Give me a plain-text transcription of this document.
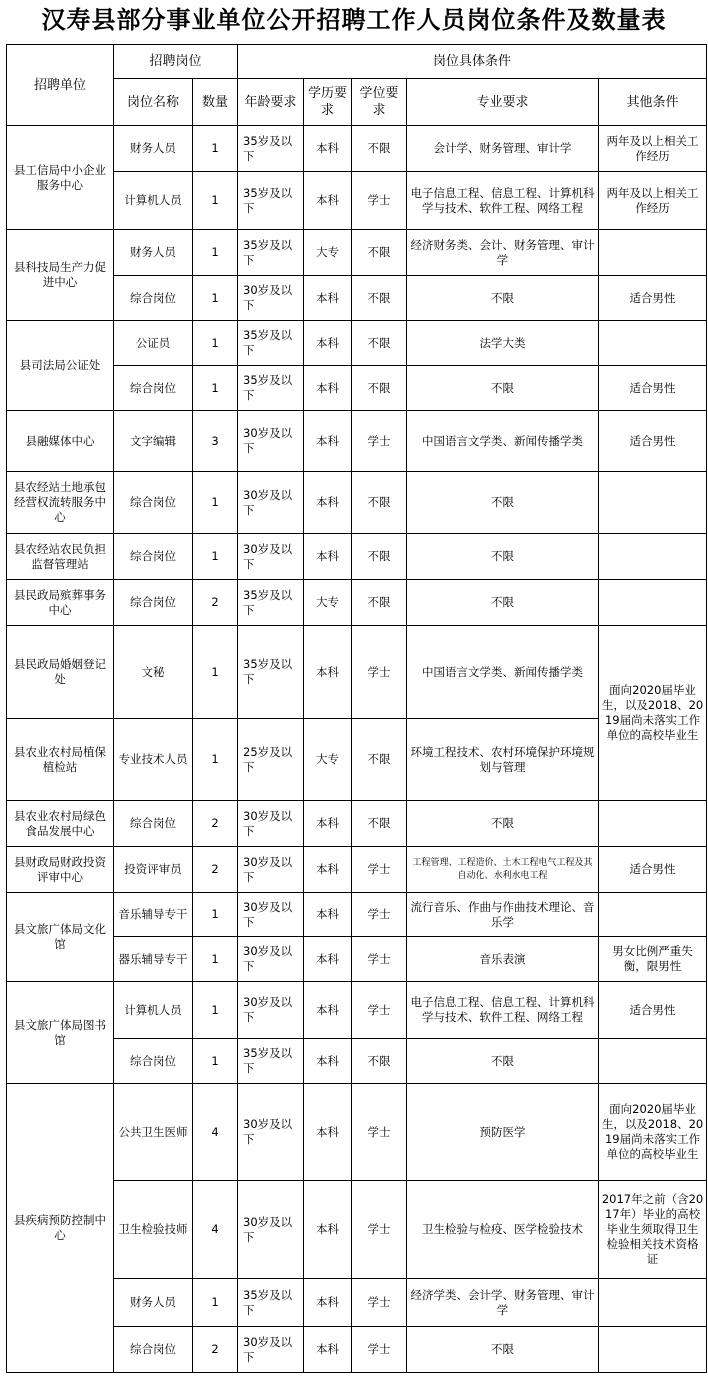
汉寿县部分事业单位公开招聘工作人员岗位条件及数量表
招聘单位	招聘岗位		岗位具体条件				
	岗位名称	数量	年龄要求	学历要求	学位要求	专业要求	其他条件
县工信局中小企业服务中心	财务人员	1	35岁及以下	本科	不限	会计学、财务管理、审计学	两年及以上相关工作经历
	计算机人员	1	35岁及以下	本科	学士	电子信息工程、信息工程、计算机科学与技术、软件工程、网络工程	两年及以上相关工作经历
县科技局生产力促进中心	财务人员	1	35岁及以下	大专	不限	经济财务类、会计、财务管理、审计学	
	综合岗位	1	30岁及以下	本科	不限	不限	适合男性
县司法局公证处	公证员	1	35岁及以下	本科	不限	法学大类	
	综合岗位	1	35岁及以下	本科	不限	不限	适合男性
县融媒体中心	文字编辑	3	30岁及以下	本科	学士	中国语言文学类、新闻传播学类	适合男性
县农经站土地承包经营权流转服务中心	综合岗位	1	30岁及以下	本科	不限	不限	
县农经站农民负担监督管理站	综合岗位	1	30岁及以下	本科	不限	不限	
县民政局殡葬事务中心	综合岗位	2	35岁及以下	大专	不限	不限	
县民政局婚姻登记处	文秘	1	35岁及以下	本科	学士	中国语言文学类、新闻传播学类	面向2020届毕业生，以及2018、2019届尚未落实工作单位的高校毕业生
县农业农村局植保植检站	专业技术人员	1	25岁及以下	大专	不限	环境工程技术、农村环境保护环境规划与管理	
县农业农村局绿色食品发展中心	综合岗位	2	30岁及以下	本科	不限	不限	
县财政局财政投资评审中心	投资评审员	2	30岁及以下	本科	学士	工程管理、工程造价、土木工程电气工程及其自动化、水利水电工程	适合男性
县文旅广体局文化馆	音乐辅导专干	1	30岁及以下	本科	学士	流行音乐、作曲与作曲技术理论、音乐学	
	器乐辅导专干	1	30岁及以下	本科	学士	音乐表演	男女比例严重失衡，限男性
县文旅广体局图书馆	计算机人员	1	30岁及以下	本科	学士	电子信息工程、信息工程、计算机科学与技术、软件工程、网络工程	适合男性
	综合岗位	1	35岁及以下	本科	不限	不限	
县疾病预防控制中心	公共卫生医师	4	30岁及以下	本科	学士	预防医学	面向2020届毕业生，以及2018、2019届尚未落实工作单位的高校毕业生
	卫生检验技师	4	30岁及以下	本科	学士	卫生检验与检疫、医学检验技术	2017年之前（含2017年）毕业的高校毕业生须取得卫生检验相关技术资格证
	财务人员	1	35岁及以下	本科	学士	经济学类、会计学、财务管理、审计学	
	综合岗位	2	30岁及以下	本科	学士	不限	
